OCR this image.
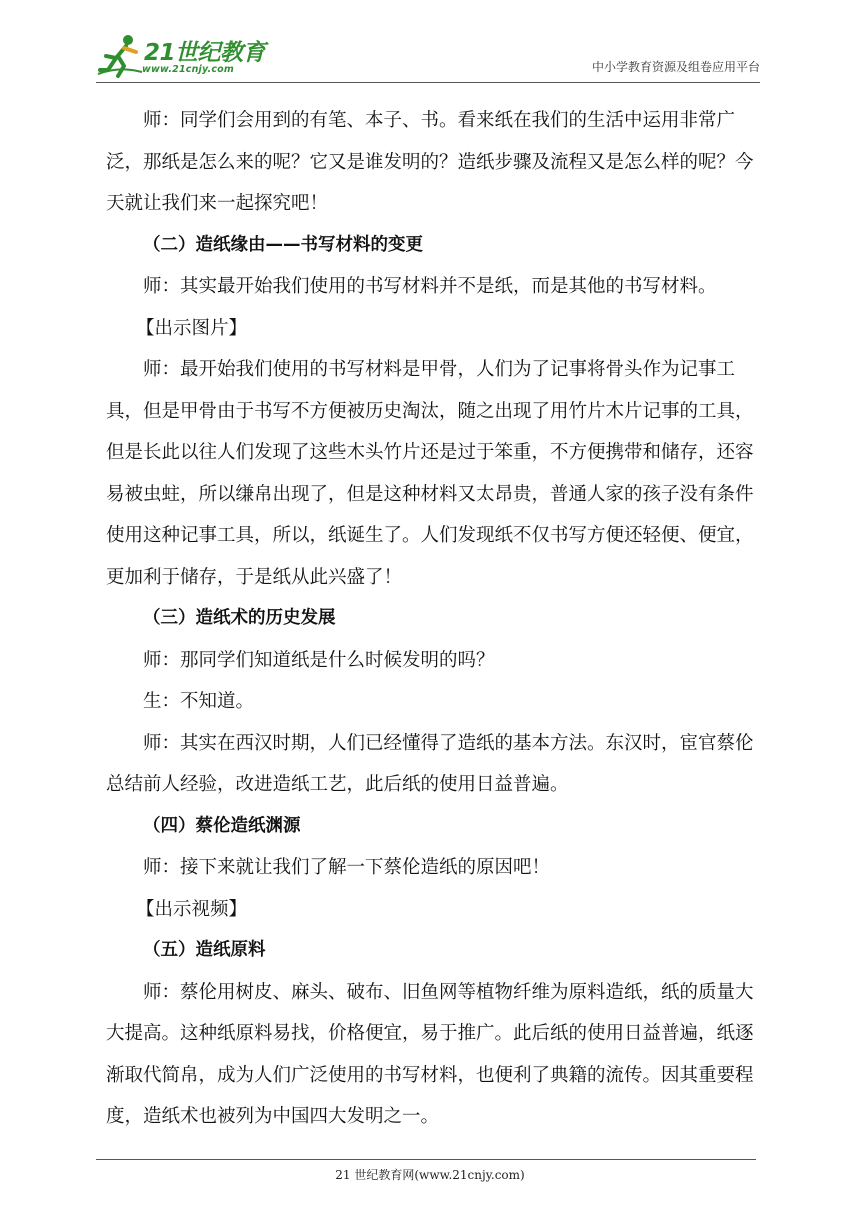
21世纪教育
www.21cnjy.com	中小学教育资源及组卷应用平台

师：同学们会用到的有笔、本子、书。看来纸在我们的生活中运用非常广泛，那纸是怎么来的呢？它又是谁发明的？造纸步骤及流程又是怎么样的呢？今天就让我们来一起探究吧！

（二）造纸缘由——书写材料的变更

师：其实最开始我们使用的书写材料并不是纸，而是其他的书写材料。

【出示图片】

师：最开始我们使用的书写材料是甲骨，人们为了记事将骨头作为记事工具，但是甲骨由于书写不方便被历史淘汰，随之出现了用竹片木片记事的工具，但是长此以往人们发现了这些木头竹片还是过于笨重，不方便携带和储存，还容易被虫蛀，所以缣帛出现了，但是这种材料又太昂贵，普通人家的孩子没有条件使用这种记事工具，所以，纸诞生了。人们发现纸不仅书写方便还轻便、便宜，更加利于储存，于是纸从此兴盛了！

（三）造纸术的历史发展

师：那同学们知道纸是什么时候发明的吗？

生：不知道。

师：其实在西汉时期，人们已经懂得了造纸的基本方法。东汉时，宦官蔡伦总结前人经验，改进造纸工艺，此后纸的使用日益普遍。

（四）蔡伦造纸渊源

师：接下来就让我们了解一下蔡伦造纸的原因吧！

【出示视频】

（五）造纸原料

师：蔡伦用树皮、麻头、破布、旧鱼网等植物纤维为原料造纸，纸的质量大大提高。这种纸原料易找，价格便宜，易于推广。此后纸的使用日益普遍，纸逐渐取代简帛，成为人们广泛使用的书写材料，也便利了典籍的流传。因其重要程度，造纸术也被列为中国四大发明之一。

21 世纪教育网(www.21cnjy.com)
